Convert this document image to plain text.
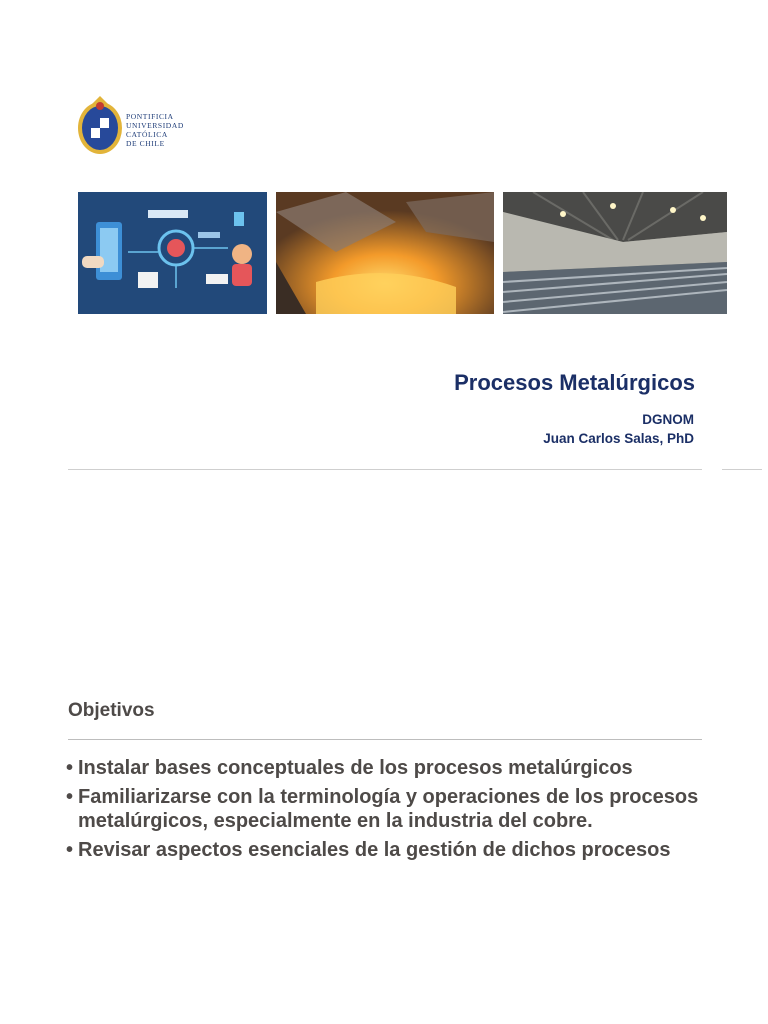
PONTIFICIA
UNIVERSIDAD
CATÓLICA
DE CHILE
Procesos Metalúrgicos
DGNOM
Juan Carlos Salas, PhD
Objetivos
• Instalar bases conceptuales de los procesos metalúrgicos
• Familiarizarse con la terminología y operaciones de los procesos metalúrgicos, especialmente en la industria del cobre.
• Revisar aspectos esenciales de la gestión de dichos procesos
